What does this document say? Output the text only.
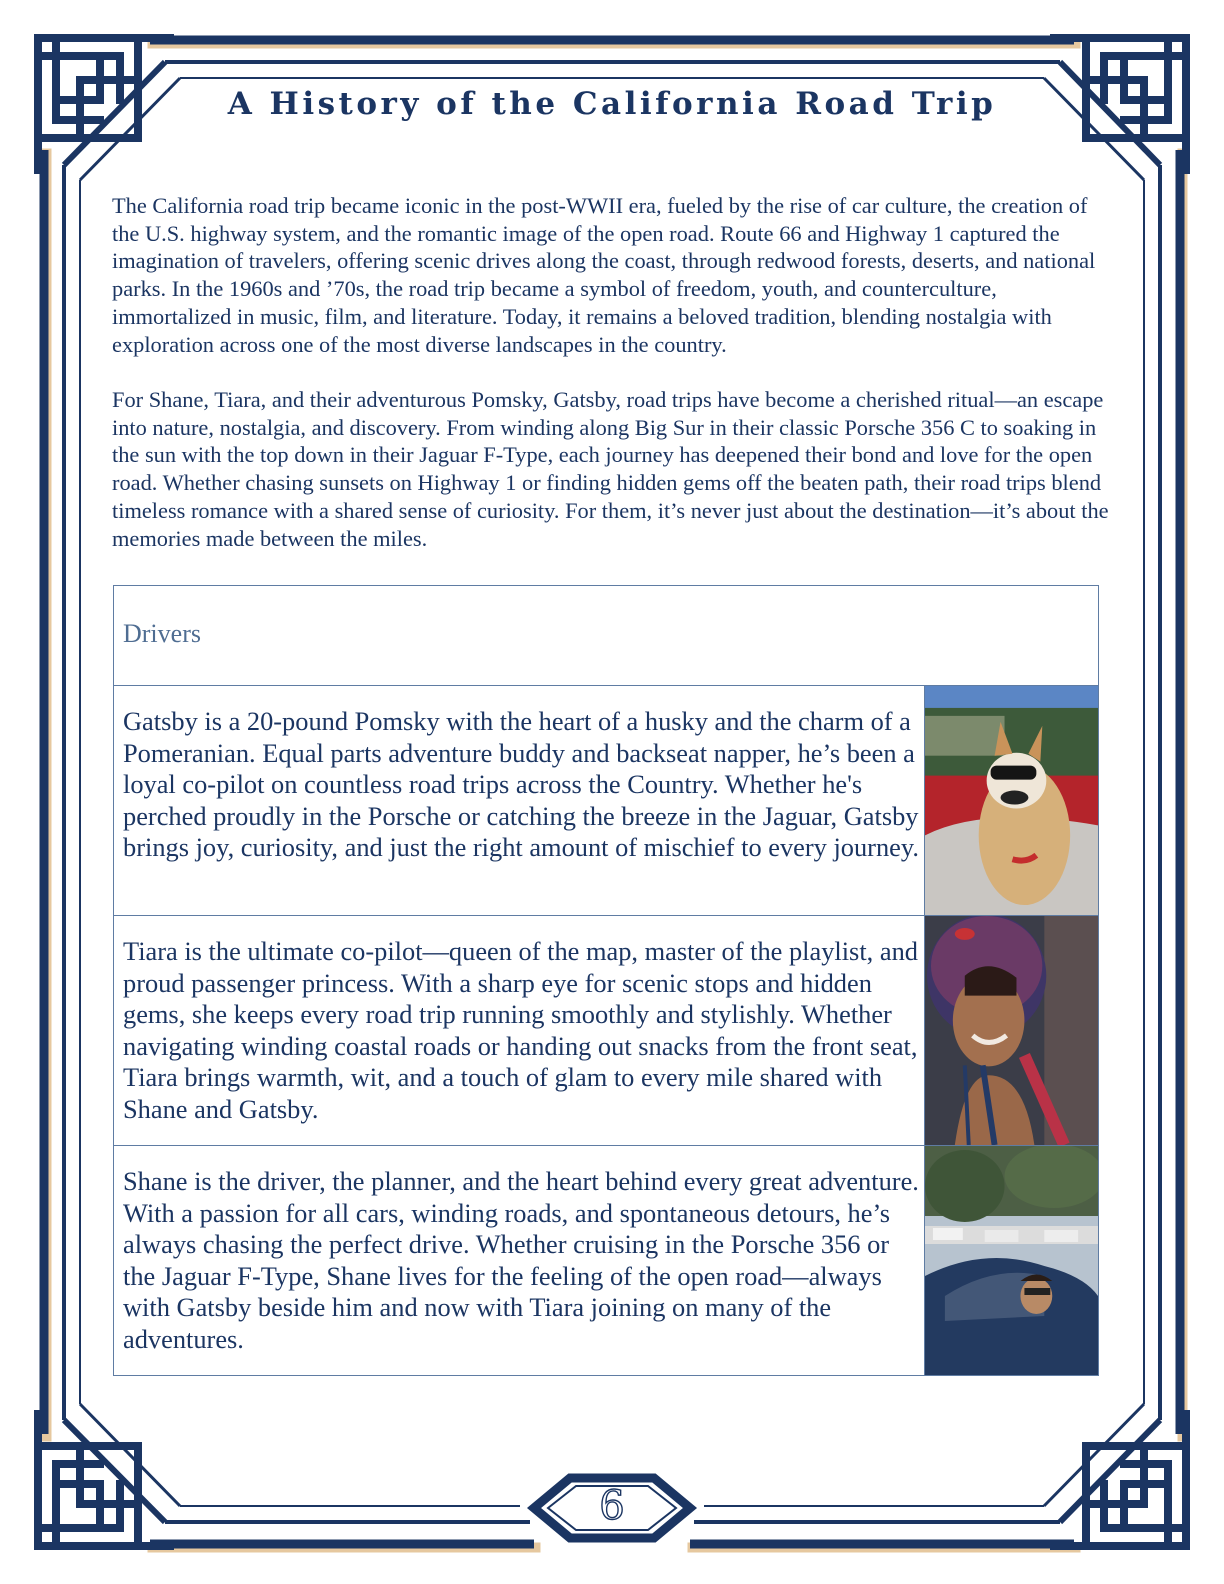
A History of the California Road Trip

The California road trip became iconic in the post-WWII era, fueled by the rise of car culture, the creation of the U.S. highway system, and the romantic image of the open road. Route 66 and Highway 1 captured the imagination of travelers, offering scenic drives along the coast, through redwood forests, deserts, and national parks. In the 1960s and ’70s, the road trip became a symbol of freedom, youth, and counterculture, immortalized in music, film, and literature. Today, it remains a beloved tradition, blending nostalgia with exploration across one of the most diverse landscapes in the country.

For Shane, Tiara, and their adventurous Pomsky, Gatsby, road trips have become a cherished ritual—an escape into nature, nostalgia, and discovery. From winding along Big Sur in their classic Porsche 356 C to soaking in the sun with the top down in their Jaguar F-Type, each journey has deepened their bond and love for the open road. Whether chasing sunsets on Highway 1 or finding hidden gems off the beaten path, their road trips blend timeless romance with a shared sense of curiosity. For them, it’s never just about the destination—it’s about the memories made between the miles.

Drivers

Gatsby is a 20-pound Pomsky with the heart of a husky and the charm of a Pomeranian. Equal parts adventure buddy and backseat napper, he’s been a loyal co-pilot on countless road trips across the Country. Whether he's perched proudly in the Porsche or catching the breeze in the Jaguar, Gatsby brings joy, curiosity, and just the right amount of mischief to every journey.

Tiara is the ultimate co-pilot—queen of the map, master of the playlist, and proud passenger princess. With a sharp eye for scenic stops and hidden gems, she keeps every road trip running smoothly and stylishly. Whether navigating winding coastal roads or handing out snacks from the front seat, Tiara brings warmth, wit, and a touch of glam to every mile shared with Shane and Gatsby.

Shane is the driver, the planner, and the heart behind every great adventure. With a passion for all cars, winding roads, and spontaneous detours, he’s always chasing the perfect drive. Whether cruising in the Porsche 356 or the Jaguar F-Type, Shane lives for the feeling of the open road—always with Gatsby beside him and now with Tiara joining on many of the adventures.

6
